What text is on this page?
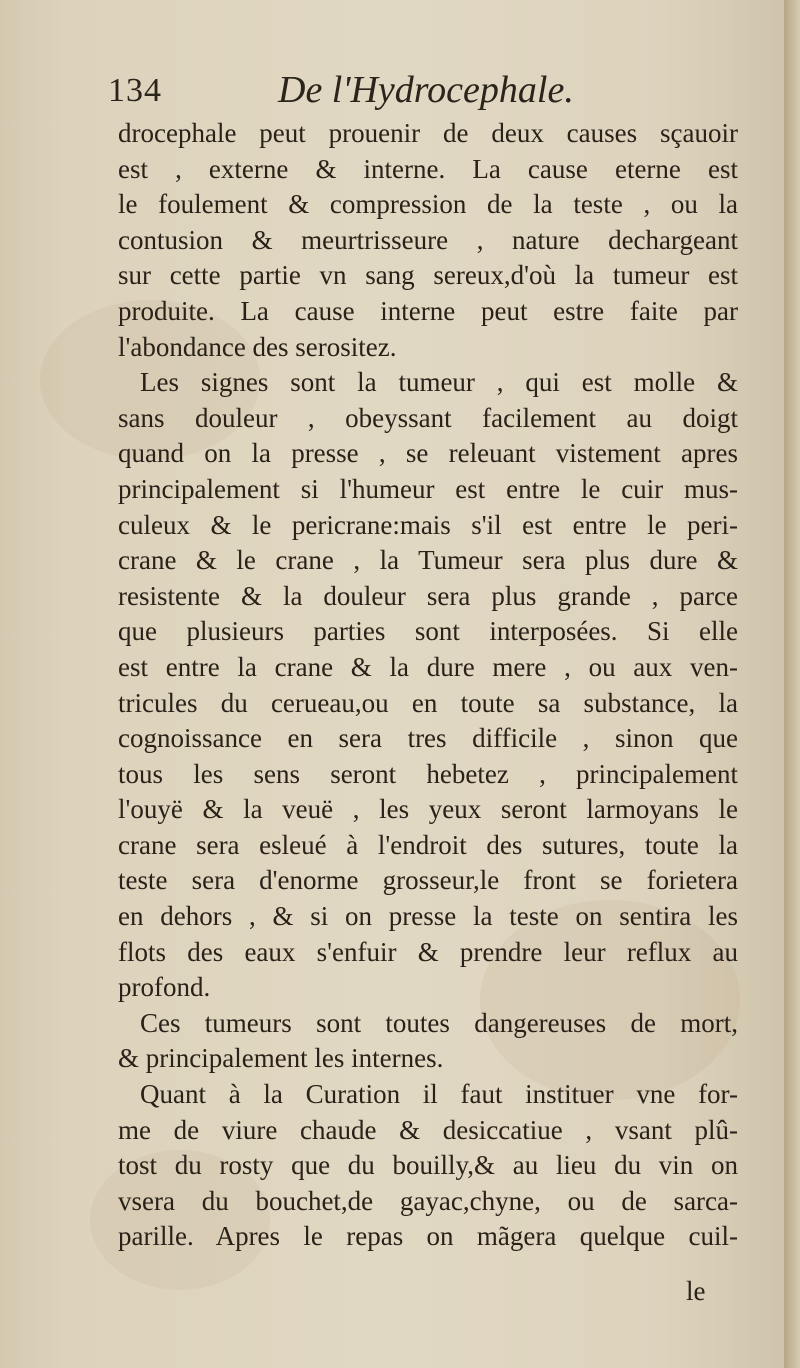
134	De l'Hydrocephale.
drocephale peut prouenir de deux causes sçauoir
est , externe & interne. La cause eterne est
le foulement & compression de la teste , ou la
contusion & meurtrisseure , nature dechargeant
sur cette partie vn sang sereux,d'où la tumeur est
produite. La cause interne peut estre faite par
l'abondance des serositez.
Les signes sont la tumeur , qui est molle &
sans douleur , obeyssant facilement au doigt
quand on la presse , se releuant vistement apres
principalement si l'humeur est entre le cuir mus-
culeux & le pericrane:mais s'il est entre le peri-
crane & le crane , la Tumeur sera plus dure &
resistente & la douleur sera plus grande , parce
que plusieurs parties sont interposées. Si elle
est entre la crane & la dure mere , ou aux ven-
tricules du cerueau,ou en toute sa substance, la
cognoissance en sera tres difficile , sinon que
tous les sens seront hebetez , principalement
l'ouyë & la veuë , les yeux seront larmoyans le
crane sera esleué à l'endroit des sutures, toute la
teste sera d'enorme grosseur,le front se forietera
en dehors , & si on presse la teste on sentira les
flots des eaux s'enfuir & prendre leur reflux au
profond.
Ces tumeurs sont toutes dangereuses de mort,
& principalement les internes.
Quant à la Curation il faut instituer vne for-
me de viure chaude & desiccatiue , vsant plû-
tost du rosty que du bouilly,& au lieu du vin on
vsera du bouchet,de gayac,chyne, ou de sarca-
parille. Apres le repas on mãgera quelque cuil-
le
